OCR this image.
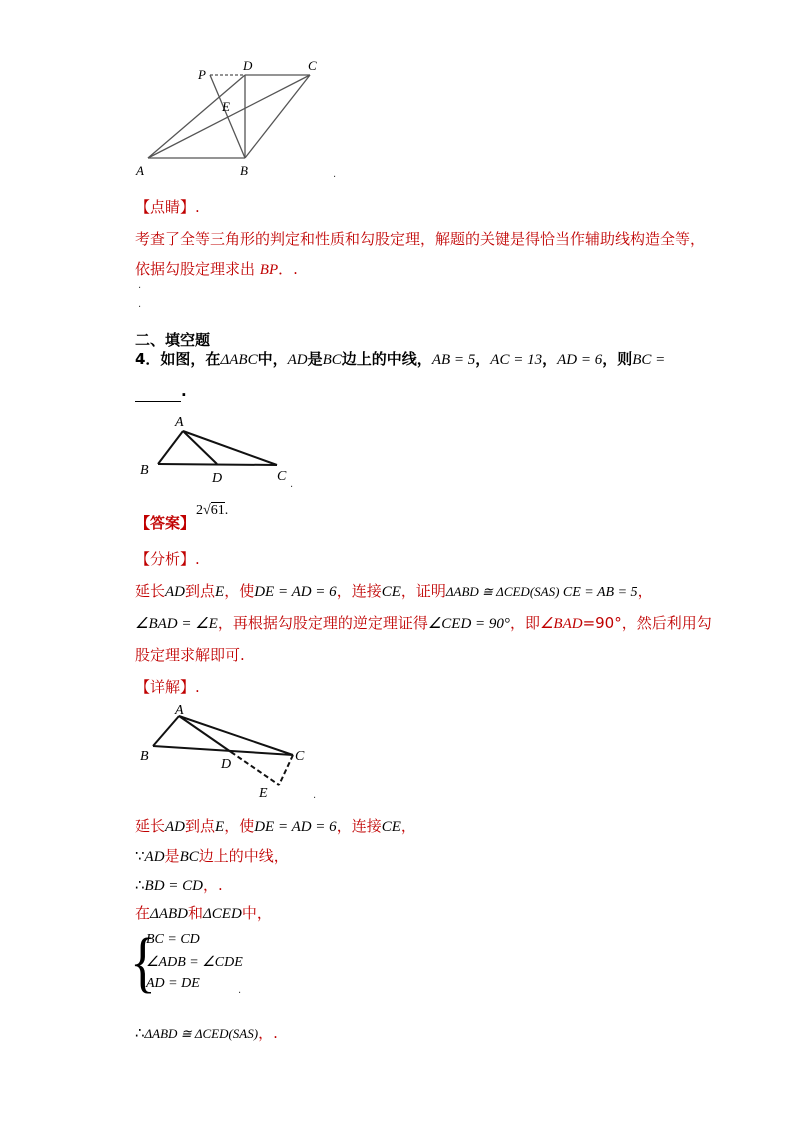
P
D	C
E
A	B	·
【点睛】.
考查了全等三角形的判定和性质和勾股定理，解题的关键是得恰当作辅助线构造全等，
依据勾股定理求出 BP．.
·
·
二、填空题
4．如图，在ΔABC中，AD是BC边上的中线，AB = 5，AC = 13，AD = 6，则BC =
.
A
B	C
D
·
【答案】
2√61.
【分析】.
延长AD到点E，使DE = AD = 6，连接CE，证明ΔABD ≅ ΔCED(SAS) CE = AB = 5，
∠BAD = ∠E，再根据勾股定理的逆定理证得∠CED = 90°，即∠BAD=90°，然后利用勾
股定理求解即可.
【详解】.
A
B	C
D
E	·
延长AD到点E，使DE = AD = 6，连接CE，
∵AD是BC边上的中线，
∴BD = CD，.
在ΔABD和ΔCED中，
{
BC = CD
∠ADB = ∠CDE
AD = DE
·
∴ΔABD ≅ ΔCED(SAS)，.
